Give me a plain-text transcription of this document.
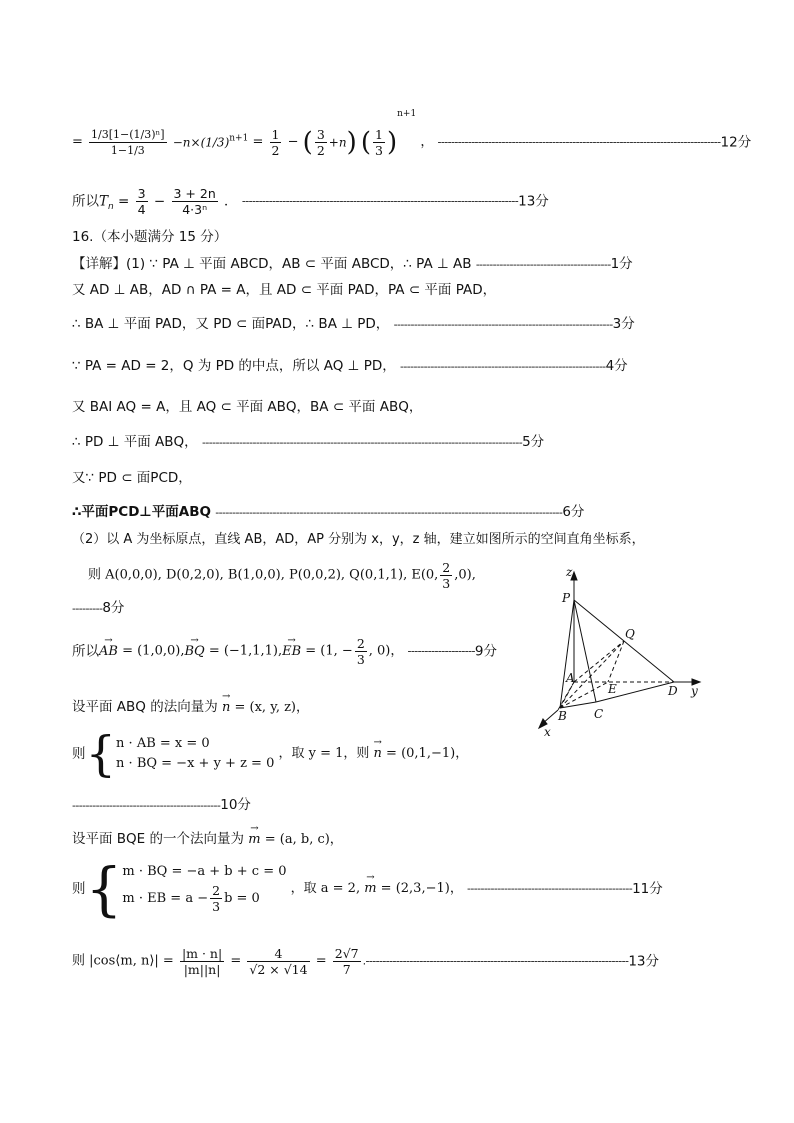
= $\frac{\text{1/3[1−(1/3)ⁿ]}}{1-1/3} -n\times(1/3)^{n+1} = \frac{1}{2}$ − ( $\frac{3}{2} +n$) ( $\frac{1}{3} )^{n+1}$ ， ------------------------------------------------------------------------------------12分
所以$T_n = \frac{3}{4} - \frac{3 + 2n}{\text{4·3ⁿ}}$ ． ----------------------------------------------------------------------------------13分
16.（本小题满分 15 分）
【详解】(1) ∵ PA ⊥ 平面 ABCD，AB ⊂ 平面 ABCD，∴ PA ⊥ AB ----------------------------------------1分
又 AD ⊥ AB，AD ∩ PA = A，且 AD ⊂ 平面 PAD，PA ⊂ 平面 PAD，
∴ BA ⊥ 平面 PAD，又 PD ⊂ 面PAD，∴ BA ⊥ PD， -----------------------------------------------------------------3分
∵ PA = AD = 2，Q 为 PD 的中点，所以 AQ ⊥ PD， -------------------------------------------------------------4分
又 BAI AQ = A，且 AQ ⊂ 平面 ABQ，BA ⊂ 平面 ABQ，
∴ PD ⊥ 平面 ABQ， -----------------------------------------------------------------------------------------------5分
又∵ PD ⊂ 面PCD，
∴平面PCD⊥平面ABQ -------------------------------------------------------------------------------------------------------6分
（2）以 A 为坐标原点，直线 AB，AD，AP 分别为 x，y，z 轴，建立如图所示的空间直角坐标系，
则 A(0,0,0), D(0,2,0), B(1,0,0), P(0,0,2), Q(0,1,1), E(0, $\frac{2}{3} ,0$),
---------8分
所以→ AB = (1,0,0),→ BQ = (−1,1,1),→ EB = (1, − $\frac{2}{3}$ , 0)， --------------------9分
设平面 ABQ 的法向量为 → n = (x, y, z)，
则{ n · AB = x = 0
n · BQ = −x + y + z = 0
，取 y = 1，则 → n = (0,1,−1)，
--------------------------------------------10分
设平面 BQE 的一个法向量为 → m = (a, b, c)，
则{ m · BQ = −a + b + c = 0
m · EB = $a - \frac{2}{3}$ b = 0
，取 a = 2, → m = (2,3,−1)， -------------------------------------------------11分
则 |cos⟨m, n⟩| = $\frac{|m \cdot n|}{|m||n|} = \frac{4}{√2 \times √14} = \frac{2√7}{7} .------------------------------------------------------------------------------13$分
z
P
Q
A
E	D y
B C
x
